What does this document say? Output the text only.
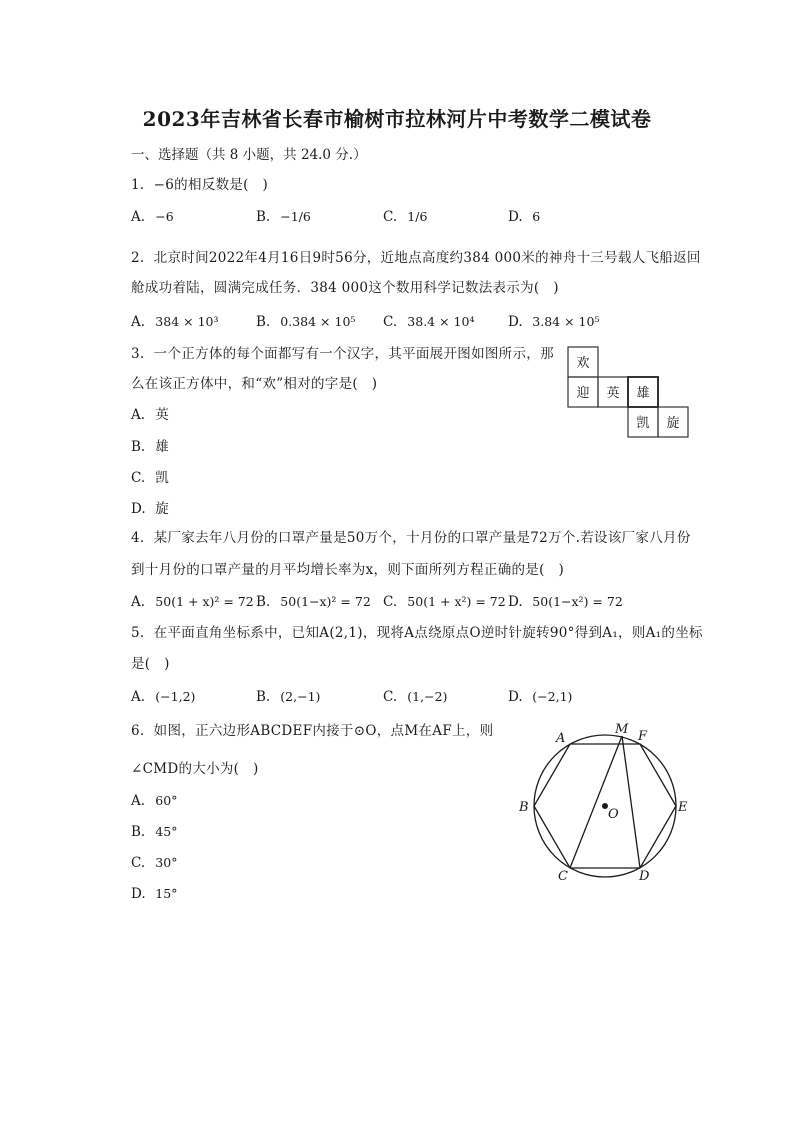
2023年吉林省长春市榆树市拉林河片中考数学二模试卷
一、选择题（共 8 小题，共 24.0 分.）
1. −6的相反数是(　)
A. −6	B. −1/6	C. 1/6	D. 6
2. 北京时间2022年4月16日9时56分，近地点高度约384 000米的神舟十三号载人飞船返回
舱成功着陆，圆满完成任务．384 000这个数用科学记数法表示为(　)
A. 384 × 10³	B. 0.384 × 10⁵ C. 38.4 × 10⁴ D. 3.84 × 10⁵
3. 一个正方体的每个面都写有一个汉字，其平面展开图如图所示，那
么在该正方体中，和“欢”相对的字是(　)
A. 英
B. 雄
C. 凯
D. 旋
欢
迎 英 雄
凯 旋
4. 某厂家去年八月份的口罩产量是50万个，十月份的口罩产量是72万个.若设该厂家八月份
到十月份的口罩产量的月平均增长率为x，则下面所列方程正确的是(　)
A. 50(1 + x)² = 72 B. 50(1−x)² = 72 C. 50(1 + x²) = 72 D. 50(1−x²) = 72
5. 在平面直角坐标系中，已知A(2,1)，现将A点绕原点O逆时针旋转90°得到A₁，则A₁的坐标
是(　)
A. (−1,2)	B. (2,−1)	C. (1,−2)	D. (−2,1)
6. 如图，正六边形ABCDEF内接于⊙O，点M在AF上，则
∠CMD的大小为(　)
A. 60°
B. 45°
C. 30°
D. 15°
A
M F
B	O	E
C	D
